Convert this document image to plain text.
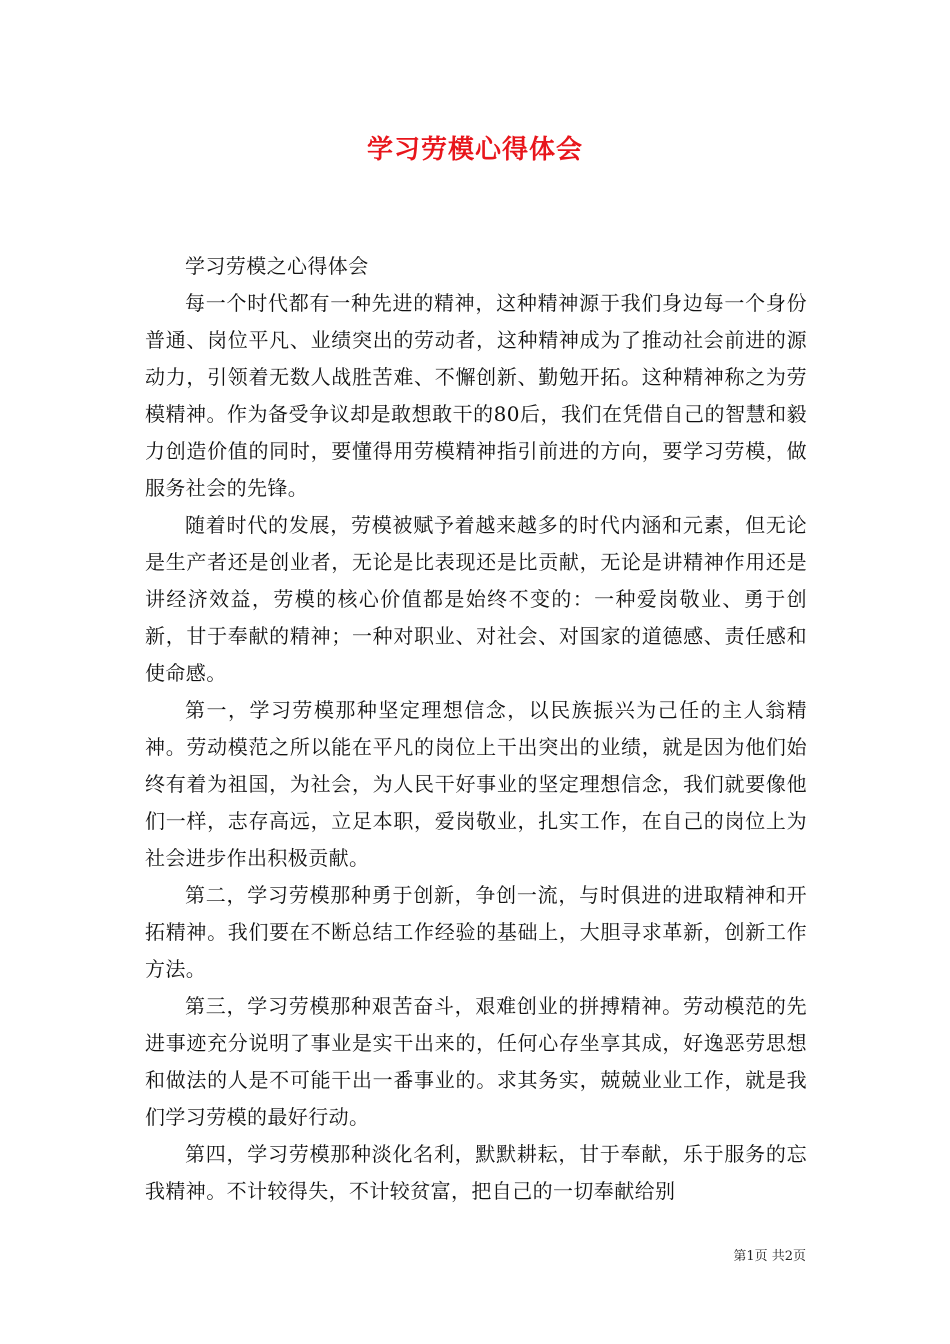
学习劳模心得体会

学习劳模之心得体会

每一个时代都有一种先进的精神，这种精神源于我们身边每一个身份普通、岗位平凡、业绩突出的劳动者，这种精神成为了推动社会前进的源动力，引领着无数人战胜苦难、不懈创新、勤勉开拓。这种精神称之为劳模精神。作为备受争议却是敢想敢干的80后，我们在凭借自己的智慧和毅力创造价值的同时，要懂得用劳模精神指引前进的方向，要学习劳模，做服务社会的先锋。

随着时代的发展，劳模被赋予着越来越多的时代内涵和元素，但无论是生产者还是创业者，无论是比表现还是比贡献，无论是讲精神作用还是讲经济效益，劳模的核心价值都是始终不变的：一种爱岗敬业、勇于创新，甘于奉献的精神；一种对职业、对社会、对国家的道德感、责任感和使命感。

第一，学习劳模那种坚定理想信念，以民族振兴为己任的主人翁精神。劳动模范之所以能在平凡的岗位上干出突出的业绩，就是因为他们始终有着为祖国，为社会，为人民干好事业的坚定理想信念，我们就要像他们一样，志存高远，立足本职，爱岗敬业，扎实工作，在自己的岗位上为社会进步作出积极贡献。

第二，学习劳模那种勇于创新，争创一流，与时俱进的进取精神和开拓精神。我们要在不断总结工作经验的基础上，大胆寻求革新，创新工作方法。

第三，学习劳模那种艰苦奋斗，艰难创业的拼搏精神。劳动模范的先进事迹充分说明了事业是实干出来的，任何心存坐享其成，好逸恶劳思想和做法的人是不可能干出一番事业的。求其务实，兢兢业业工作，就是我们学习劳模的最好行动。

第四，学习劳模那种淡化名利，默默耕耘，甘于奉献，乐于服务的忘我精神。不计较得失，不计较贫富，把自己的一切奉献给别

第1页 共2页
